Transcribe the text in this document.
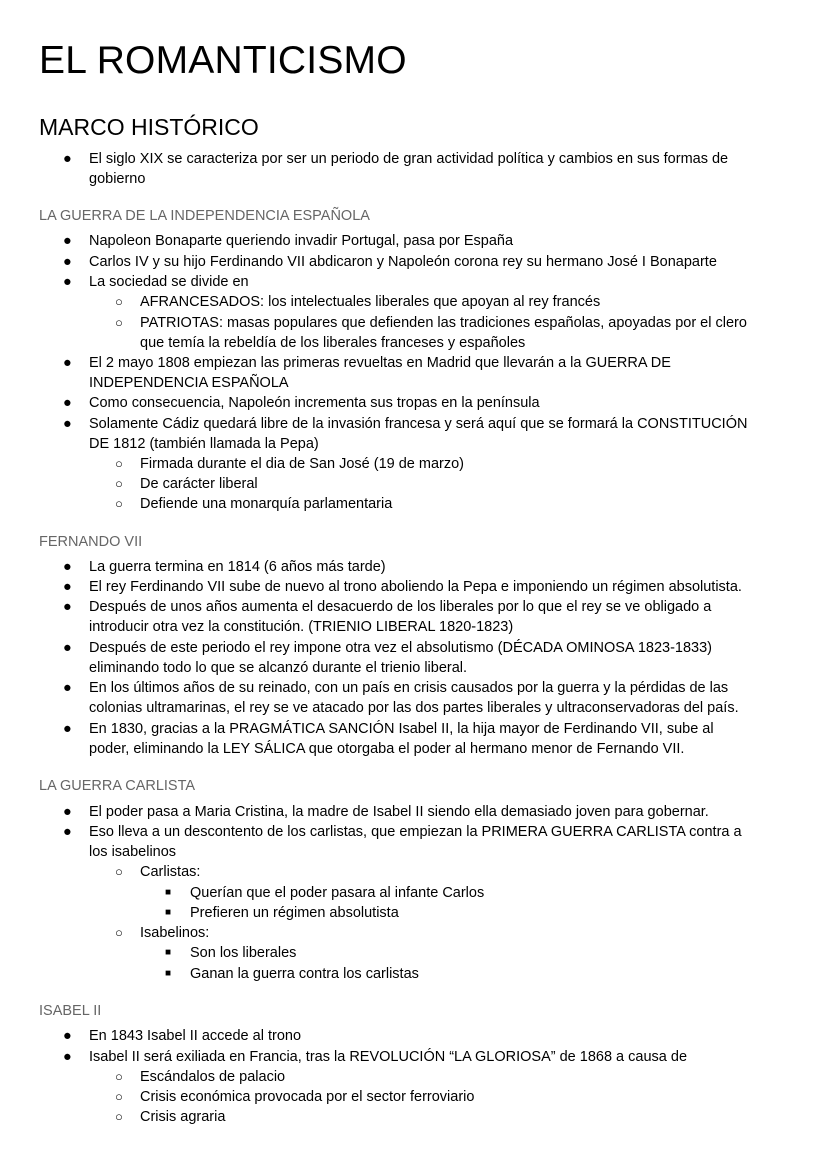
EL ROMANTICISMO
MARCO HISTÓRICO
● El siglo XIX se caracteriza por ser un periodo de gran actividad política y cambios en sus formas de
gobierno
LA GUERRA DE LA INDEPENDENCIA ESPAÑOLA
● Napoleon Bonaparte queriendo invadir Portugal, pasa por España
● Carlos IV y su hijo Ferdinando VII abdicaron y Napoleón corona rey su hermano José I Bonaparte
● La sociedad se divide en
○ AFRANCESADOS: los intelectuales liberales que apoyan al rey francés
○ PATRIOTAS: masas populares que defienden las tradiciones españolas, apoyadas por el clero
que temía la rebeldía de los liberales franceses y españoles
● El 2 mayo 1808 empiezan las primeras revueltas en Madrid que llevarán a la GUERRA DE
INDEPENDENCIA ESPAÑOLA
● Como consecuencia, Napoleón incrementa sus tropas en la península
● Solamente Cádiz quedará libre de la invasión francesa y será aquí que se formará la CONSTITUCIÓN
DE 1812 (también llamada la Pepa)
○ Firmada durante el dia de San José (19 de marzo)
○ De carácter liberal
○ Defiende una monarquía parlamentaria
FERNANDO VII
● La guerra termina en 1814 (6 años más tarde)
● El rey Ferdinando VII sube de nuevo al trono aboliendo la Pepa e imponiendo un régimen absolutista.
● Después de unos años aumenta el desacuerdo de los liberales por lo que el rey se ve obligado a
introducir otra vez la constitución. (TRIENIO LIBERAL 1820-1823)
● Después de este periodo el rey impone otra vez el absolutismo (DÉCADA OMINOSA 1823-1833)
eliminando todo lo que se alcanzó durante el trienio liberal.
● En los últimos años de su reinado, con un país en crisis causados por la guerra y la pérdidas de las
colonias ultramarinas, el rey se ve atacado por las dos partes liberales y ultraconservadoras del país.
● En 1830, gracias a la PRAGMÁTICA SANCIÓN Isabel II, la hija mayor de Ferdinando VII, sube al
poder, eliminando la LEY SÁLICA que otorgaba el poder al hermano menor de Fernando VII.
LA GUERRA CARLISTA
● El poder pasa a Maria Cristina, la madre de Isabel II siendo ella demasiado joven para gobernar.
● Eso lleva a un descontento de los carlistas, que empiezan la PRIMERA GUERRA CARLISTA contra a
los isabelinos
○ Carlistas:
■ Querían que el poder pasara al infante Carlos
■ Prefieren un régimen absolutista
○ Isabelinos:
■ Son los liberales
■ Ganan la guerra contra los carlistas
ISABEL II
● En 1843 Isabel II accede al trono
● Isabel II será exiliada en Francia, tras la REVOLUCIÓN “LA GLORIOSA” de 1868 a causa de
○ Escándalos de palacio
○ Crisis económica provocada por el sector ferroviario
○ Crisis agraria
